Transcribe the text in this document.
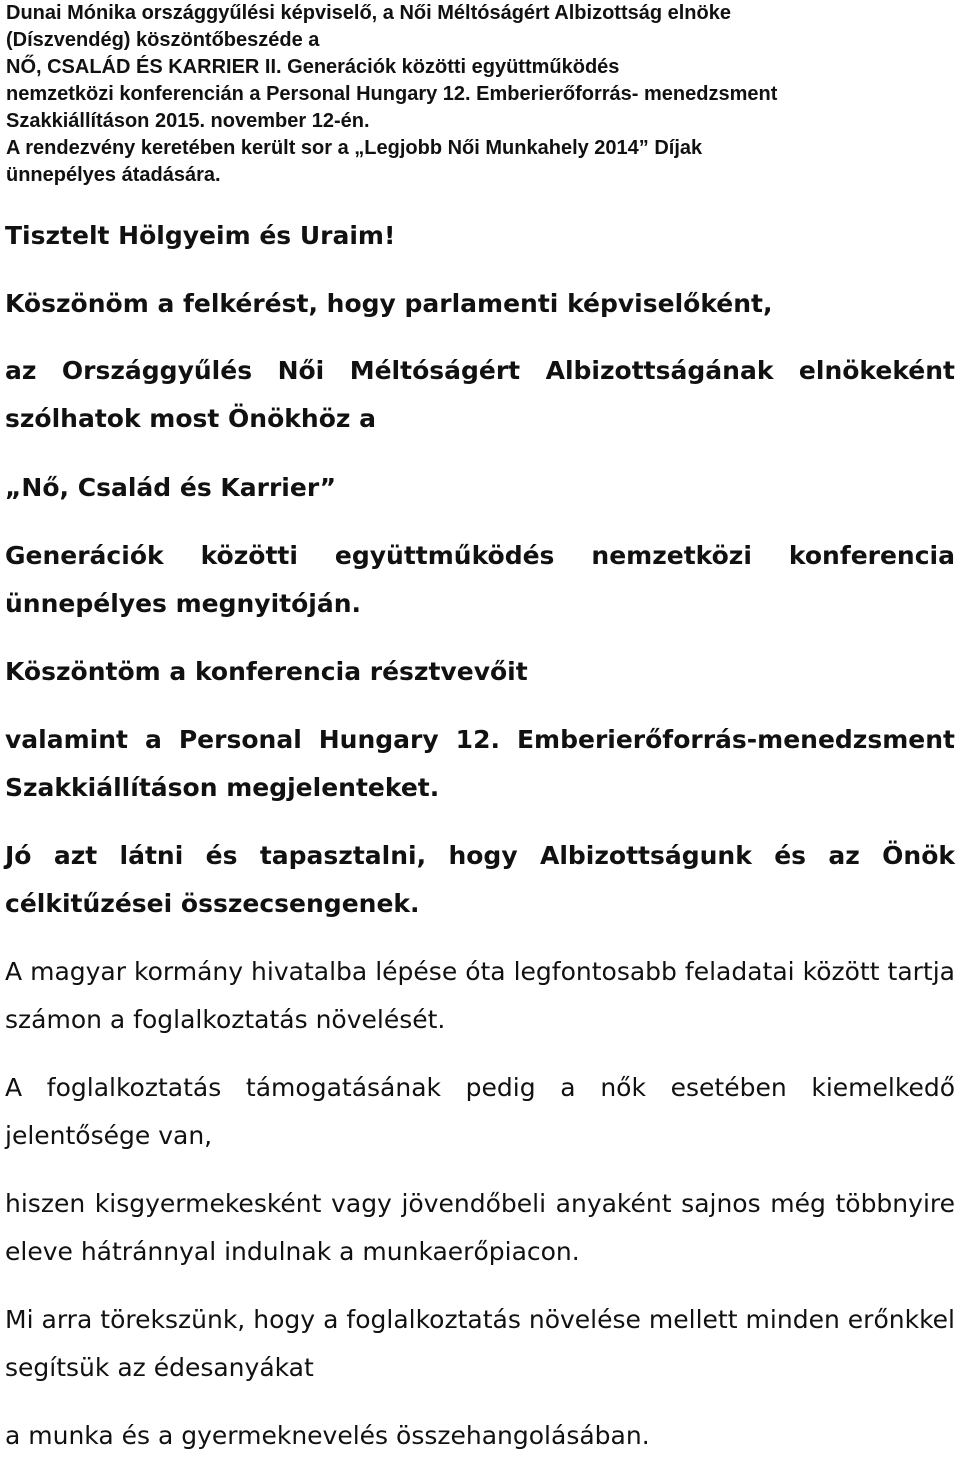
Dunai Mónika országgyűlési képviselő, a Női Méltóságért Albizottság elnöke
(Díszvendég) köszöntőbeszéde a
NŐ, CSALÁD ÉS KARRIER II. Generációk közötti együttműködés
nemzetközi konferencián a Personal Hungary 12. Emberierőforrás- menedzsment
Szakkiállításon 2015. november 12-én.
A rendezvény keretében került sor a „Legjobb Női Munkahely 2014” Díjak
ünnepélyes átadására.
Tisztelt Hölgyeim és Uraim!
Köszönöm a felkérést, hogy parlamenti képviselőként,
az Országgyűlés Női Méltóságért Albizottságának elnökeként szólhatok most Önökhöz a
„Nő, Család és Karrier”
Generációk közötti együttműködés nemzetközi konferencia ünnepélyes megnyitóján.
Köszöntöm a konferencia résztvevőit
valamint a Personal Hungary 12. Emberierőforrás-menedzsment Szakkiállításon megjelenteket.
Jó azt látni és tapasztalni, hogy Albizottságunk és az Önök célkitűzései összecsengenek.
A magyar kormány hivatalba lépése óta legfontosabb feladatai között tartja számon a foglalkoztatás növelését.
A foglalkoztatás támogatásának pedig a nők esetében kiemelkedő jelentősége van,
hiszen kisgyermekesként vagy jövendőbeli anyaként sajnos még többnyire eleve hátránnyal indulnak a munkaerőpiacon.
Mi arra törekszünk, hogy a foglalkoztatás növelése mellett minden erőnkkel segítsük az édesanyákat
a munka és a gyermeknevelés összehangolásában.
